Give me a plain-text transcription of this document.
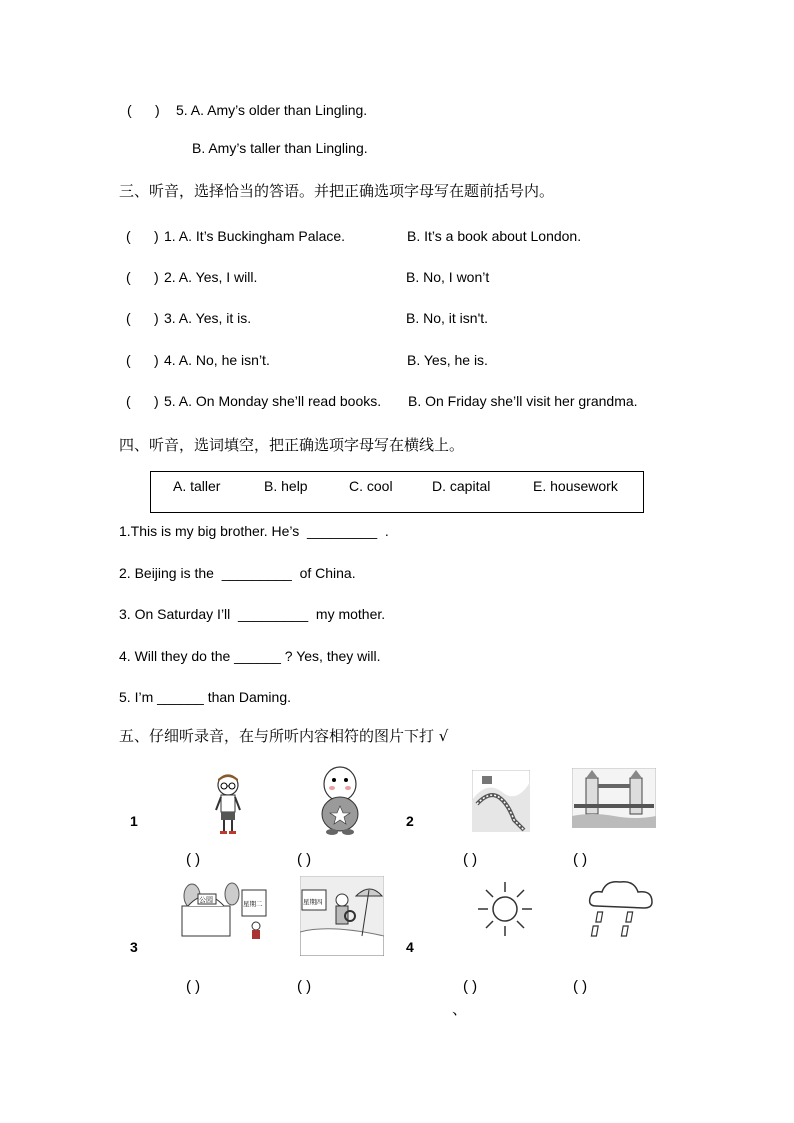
(      ) 5. A. Amy’s older than Lingling.
B. Amy’s taller than Lingling.
三、听音，选择恰当的答语。并把正确选项字母写在题前括号内。
(      ) 1. A. It’s Buckingham Palace.	B. It’s a book about London.
(      ) 2. A. Yes, I will.	B. No, I won’t
(      ) 3. A. Yes, it is.	B. No, it isn't.
(      ) 4. A. No, he isn’t.	B. Yes, he is.
(      ) 5. A. On Monday she’ll read books. B. On Friday she’ll visit her grandma.
四、听音，选词填空，把正确选项字母写在横线上。
A. taller	B. help	C. cool	D. capital	E. housework
1.This is my big brother. He’s  _________  .
2. Beijing is the  _________  of China.
3. On Saturday I’ll  _________  my mother.
4. Will they do the ______ ? Yes, they will.
5. I’m ______ than Daming.
五、仔细听录音，在与所听内容相符的图片下打 √
1	2
3	4
公园	星期二	星期四
( )	( )	( )	( )
( )	( )	( )	( )
、
